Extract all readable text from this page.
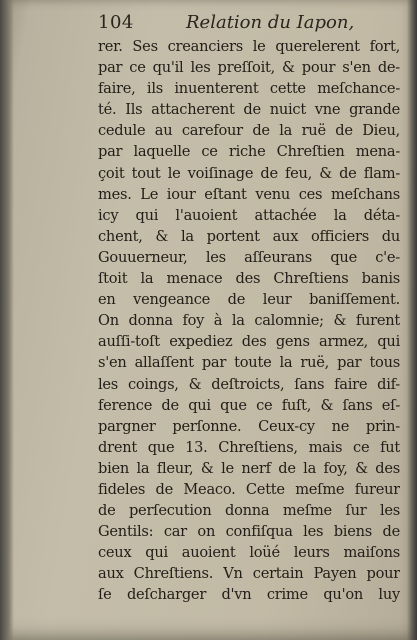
104	Relation du Iapon,
rer. Ses creanciers le querelerent fort,
par ce qu'il les preſſoit, & pour s'en de-
faire, ils inuenterent cette meſchance-
té. Ils attacherent de nuict vne grande
cedule au carefour de la ruë de Dieu,
par laquelle ce riche Chreſtien mena-
çoit tout le voiſinage de feu, & de flam-
mes. Le iour eſtant venu ces meſchans
icy qui l'auoient attachée la déta-
chent, & la portent aux officiers du
Gouuerneur, les aſſeurans que c'e-
ſtoit la menace des Chreſtiens banis
en vengeance de leur baniſſement.
On donna foy à la calomnie; & furent
auſſi-toſt expediez des gens armez, qui
s'en allaſſent par toute la ruë, par tous
les coings, & deſtroicts, ſans faire dif-
ference de qui que ce fuſt, & ſans eſ-
pargner perſonne. Ceux-cy ne prin-
drent que 13. Chreſtiens, mais ce fut
bien la fleur, & le nerf de la foy, & des
fideles de Meaco. Cette meſme fureur
de perſecution donna meſme ſur les
Gentils: car on confiſqua les biens de
ceux qui auoient loüé leurs maiſons
aux Chreſtiens. Vn certain Payen pour
ſe deſcharger d'vn crime qu'on luy
